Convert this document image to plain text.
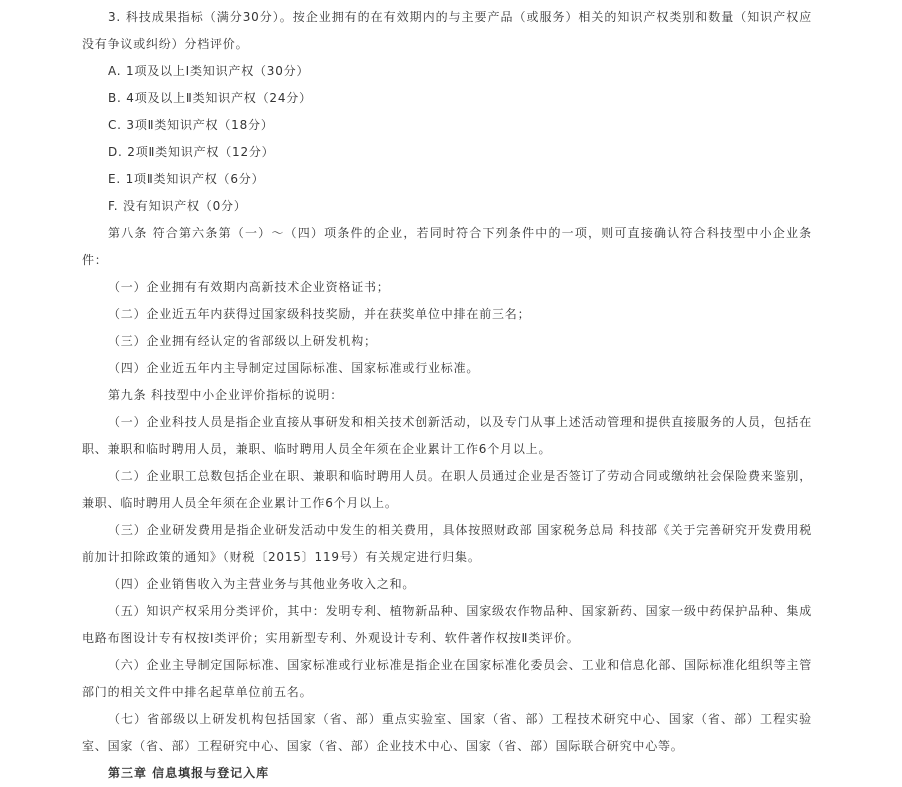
3. 科技成果指标（满分30分）。按企业拥有的在有效期内的与主要产品（或服务）相关的知识产权类别和数量（知识产权应没有争议或纠纷）分档评价。

A. 1项及以上Ⅰ类知识产权（30分）

B. 4项及以上Ⅱ类知识产权（24分）

C. 3项Ⅱ类知识产权（18分）

D. 2项Ⅱ类知识产权（12分）

E. 1项Ⅱ类知识产权（6分）

F. 没有知识产权（0分）

第八条 符合第六条第（一）～（四）项条件的企业，若同时符合下列条件中的一项，则可直接确认符合科技型中小企业条件：

（一）企业拥有有效期内高新技术企业资格证书；

（二）企业近五年内获得过国家级科技奖励，并在获奖单位中排在前三名；

（三）企业拥有经认定的省部级以上研发机构；

（四）企业近五年内主导制定过国际标准、国家标准或行业标准。

第九条 科技型中小企业评价指标的说明：

（一）企业科技人员是指企业直接从事研发和相关技术创新活动，以及专门从事上述活动管理和提供直接服务的人员，包括在职、兼职和临时聘用人员，兼职、临时聘用人员全年须在企业累计工作6个月以上。

（二）企业职工总数包括企业在职、兼职和临时聘用人员。在职人员通过企业是否签订了劳动合同或缴纳社会保险费来鉴别，兼职、临时聘用人员全年须在企业累计工作6个月以上。

（三）企业研发费用是指企业研发活动中发生的相关费用，具体按照财政部 国家税务总局 科技部《关于完善研究开发费用税前加计扣除政策的通知》（财税〔2015〕119号）有关规定进行归集。

（四）企业销售收入为主营业务与其他业务收入之和。

（五）知识产权采用分类评价，其中：发明专利、植物新品种、国家级农作物品种、国家新药、国家一级中药保护品种、集成电路布图设计专有权按Ⅰ类评价；实用新型专利、外观设计专利、软件著作权按Ⅱ类评价。

（六）企业主导制定国际标准、国家标准或行业标准是指企业在国家标准化委员会、工业和信息化部、国际标准化组织等主管部门的相关文件中排名起草单位前五名。

（七）省部级以上研发机构包括国家（省、部）重点实验室、国家（省、部）工程技术研究中心、国家（省、部）工程实验室、国家（省、部）工程研究中心、国家（省、部）企业技术中心、国家（省、部）国际联合研究中心等。

第三章 信息填报与登记入库
